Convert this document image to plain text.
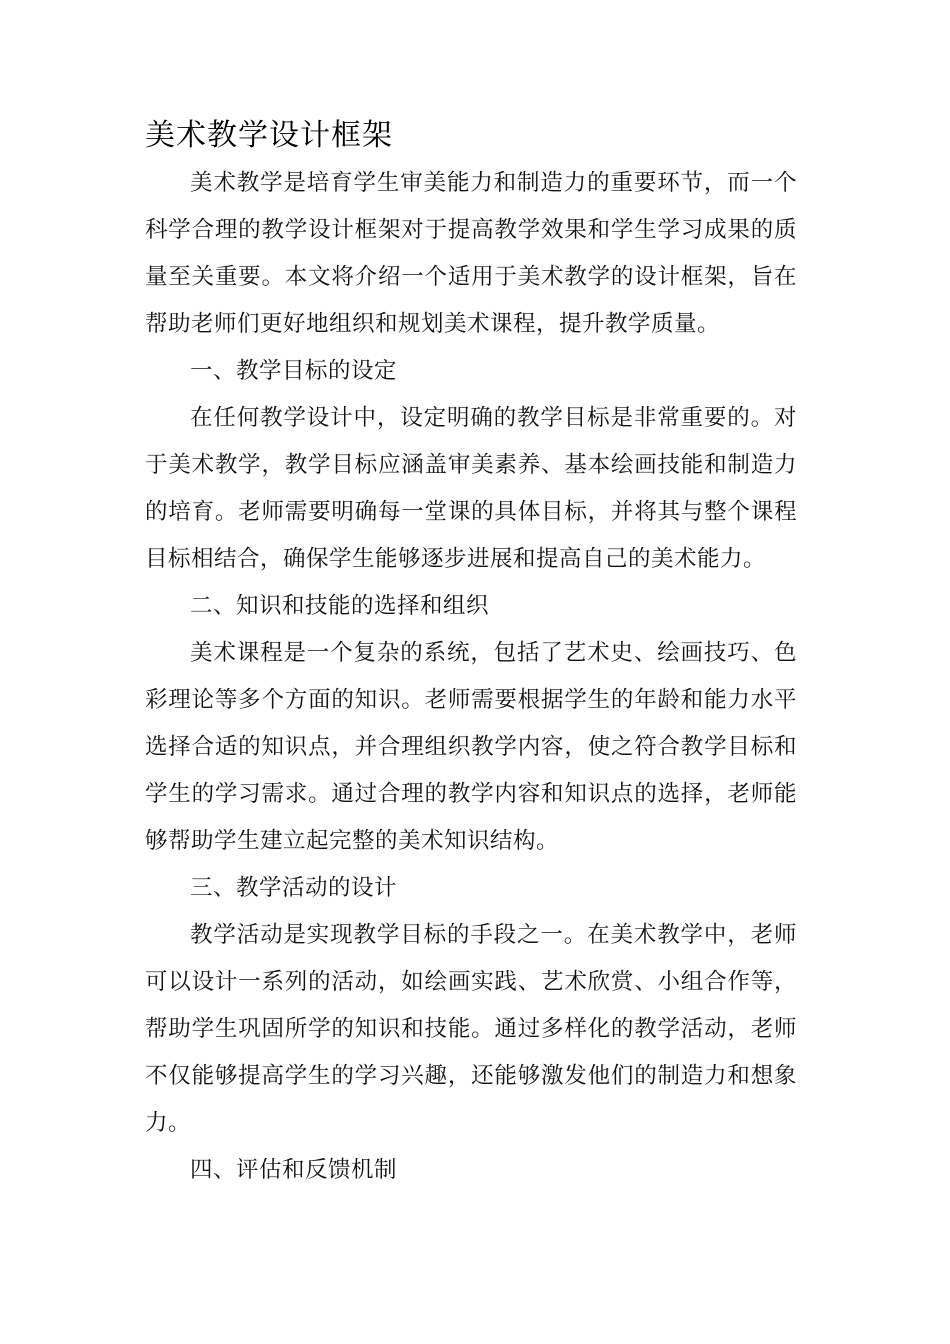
美术教学设计框架

美术教学是培育学生审美能力和制造力的重要环节，而一个科学合理的教学设计框架对于提高教学效果和学生学习成果的质量至关重要。本文将介绍一个适用于美术教学的设计框架，旨在帮助老师们更好地组织和规划美术课程，提升教学质量。

一、教学目标的设定

在任何教学设计中，设定明确的教学目标是非常重要的。对于美术教学，教学目标应涵盖审美素养、基本绘画技能和制造力的培育。老师需要明确每一堂课的具体目标，并将其与整个课程目标相结合，确保学生能够逐步进展和提高自己的美术能力。

二、知识和技能的选择和组织

美术课程是一个复杂的系统，包括了艺术史、绘画技巧、色彩理论等多个方面的知识。老师需要根据学生的年龄和能力水平选择合适的知识点，并合理组织教学内容，使之符合教学目标和学生的学习需求。通过合理的教学内容和知识点的选择，老师能够帮助学生建立起完整的美术知识结构。

三、教学活动的设计

教学活动是实现教学目标的手段之一。在美术教学中，老师可以设计一系列的活动，如绘画实践、艺术欣赏、小组合作等，帮助学生巩固所学的知识和技能。通过多样化的教学活动，老师不仅能够提高学生的学习兴趣，还能够激发他们的制造力和想象力。

四、评估和反馈机制
